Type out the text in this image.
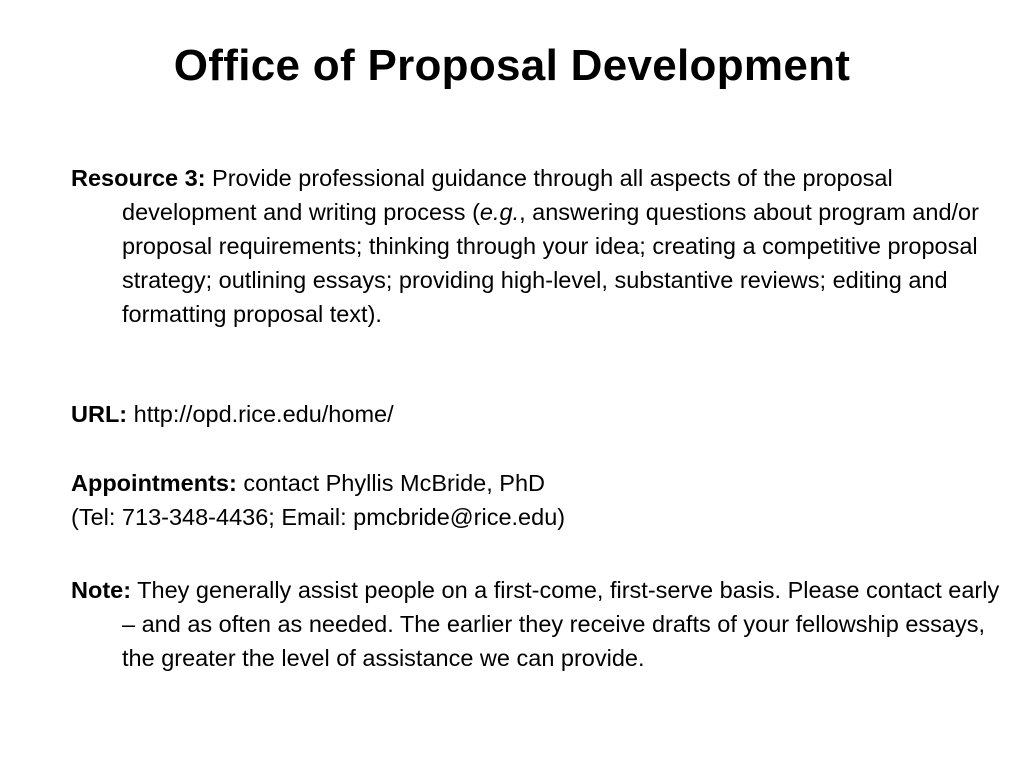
Office of Proposal Development
Resource 3: Provide professional guidance through all aspects of the proposal development and writing process (e.g., answering questions about program and/or proposal requirements; thinking through your idea; creating a competitive proposal strategy; outlining essays; providing high-level, substantive reviews; editing and formatting proposal text).
URL: http://opd.rice.edu/home/
Appointments: contact Phyllis McBride, PhD
(Tel: 713-348-4436; Email: pmcbride@rice.edu)
Note: They generally assist people on a first-come, first-serve basis. Please contact early – and as often as needed. The earlier they receive drafts of your fellowship essays, the greater the level of assistance we can provide.
